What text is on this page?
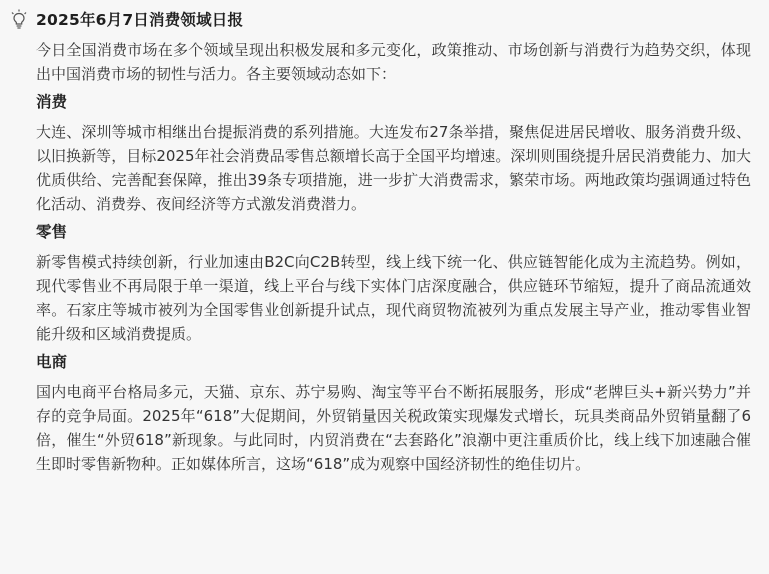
2025年6月7日消费领域日报

今日全国消费市场在多个领域呈现出积极发展和多元变化，政策推动、市场创新与消费行为趋势交织，体现出中国消费市场的韧性与活力。各主要领域动态如下：

消费

大连、深圳等城市相继出台提振消费的系列措施。大连发布27条举措，聚焦促进居民增收、服务消费升级、以旧换新等，目标2025年社会消费品零售总额增长高于全国平均增速。深圳则围绕提升居民消费能力、加大优质供给、完善配套保障，推出39条专项措施，进一步扩大消费需求，繁荣市场。两地政策均强调通过特色化活动、消费券、夜间经济等方式激发消费潜力。

零售

新零售模式持续创新，行业加速由B2C向C2B转型，线上线下统一化、供应链智能化成为主流趋势。例如，现代零售业不再局限于单一渠道，线上平台与线下实体门店深度融合，供应链环节缩短，提升了商品流通效率。石家庄等城市被列为全国零售业创新提升试点，现代商贸物流被列为重点发展主导产业，推动零售业智能升级和区域消费提质。

电商

国内电商平台格局多元，天猫、京东、苏宁易购、淘宝等平台不断拓展服务，形成“老牌巨头+新兴势力”并存的竞争局面。2025年“618”大促期间，外贸销量因关税政策实现爆发式增长，玩具类商品外贸销量翻了6倍，催生“外贸618”新现象。与此同时，内贸消费在“去套路化”浪潮中更注重质价比，线上线下加速融合催生即时零售新物种。正如媒体所言，这场“618”成为观察中国经济韧性的绝佳切片。
